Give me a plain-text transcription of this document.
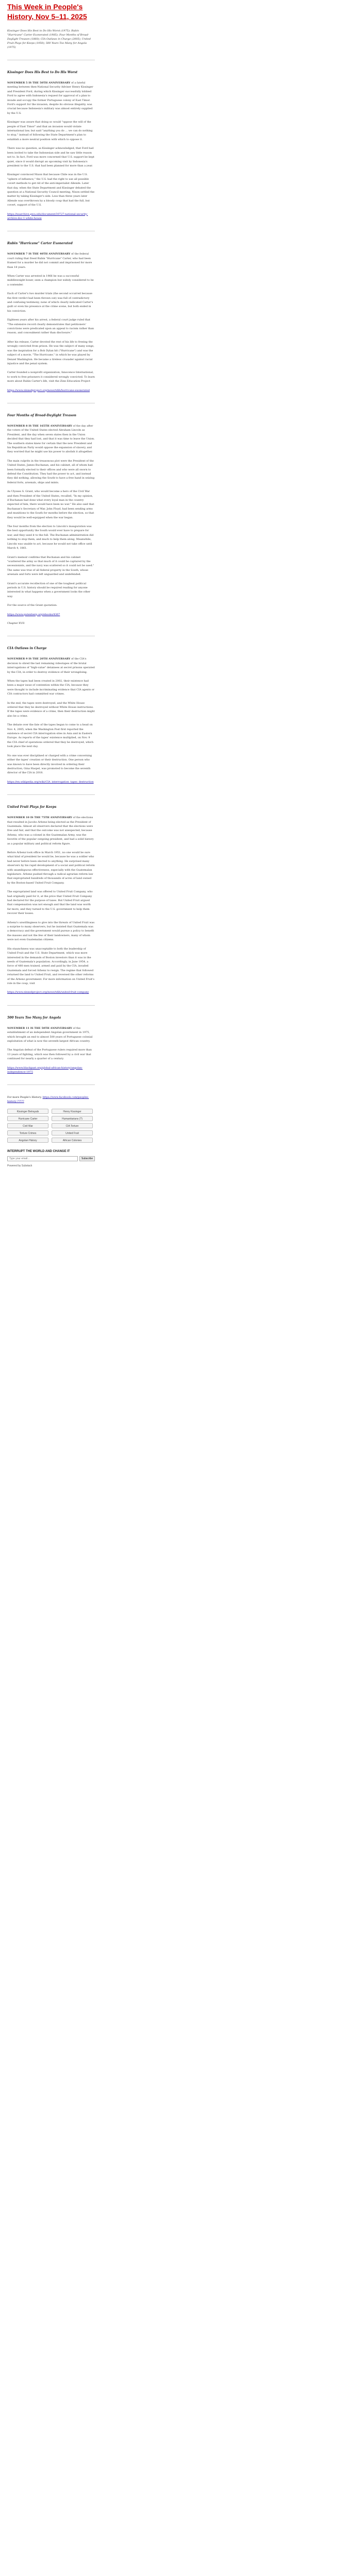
This Week in People's History, Nov 5–11, 2025

Kissinger Does His Best to Do His Worst (1975); Rubin "Hurricane" Carter Exonerated (1985); Four Months of Broad-Daylight Treason (1860); CIA Outlaws in Charge (2005); United Fruit Plays for Keeps (1950); 500 Years Too Many for Angola (1975)

Kissinger Does His Best to Do His Worst

NOVEMBER 5 IS THE 50TH ANNIVERSARY of a fateful meeting between then-National Security Adviser Henry Kissinger and President Ford, during which Kissinger successfully lobbied Ford to agree with Indonesia's request for approval of a plan to invade and occupy the former Portuguese colony of East Timor. Ford's support for the invasion, despite its obvious illegality, was crucial because Indonesia's military was almost entirely supplied by the U.S.

Kissinger was aware that doing so would "oppose the will of the people of East Timor" and that an invasion would violate international law, but said "anything you do ... we can do nothing to stop," instead of following the State Department's plan to establish a more neutral position with which to oppose it.

There was no question, as Kissinger acknowledged, that Ford had been invited to take the Indonesian side and he saw little reason not to. In fact, Ford was more concerned that U.S. support be kept quiet, since it would disrupt an upcoming visit by Indonesia's president to the U.S. that had been planned for more than a year.

Kissinger convinced Nixon that because Chile was in the U.S. "sphere of influence," the U.S. had the right to use all possible covert methods to get rid of the anti-imperialist Allende. Later that day, when the State Department and Kissinger debated the question at a National Security Council meeting, Nixon settled the matter by taking Kissinger's side. Less than three years later Allende was overthrown by a bloody coup that had the full, but covert, support of the U.S.

https://nsarchive.gwu.edu/document/30727-national-security-archive-doc-1-white-house

Rubin "Hurricane" Carter Exonerated

NOVEMBER 7 IS THE 40TH ANNIVERSARY of the federal court ruling that freed Rubin "Hurricane" Carter, who had been framed for a murder he did not commit and imprisoned for more than 18 years.

When Carter was arrested in 1966 he was a successful middleweight boxer, seen a champion but widely considered to be a contender.

Each of Carter's two murder trials (the second occurred because the first verdict had been thrown out) was full of contradictory and confusing testimony, none of which clearly indicated Carter's guilt or even his presence at the crime scene, but both ended in his conviction.

Eighteen years after his arrest, a federal court judge ruled that "The extensive record clearly demonstrates that petitioners' convictions were predicated upon an appeal to racism rather than reason, and concealment rather than disclosure."

After his release, Carter devoted the rest of his life to freeing the wrongly convicted from prison. He was the subject of many songs, was the inspiration for a Bob Dylan hit ("Hurricane") and was the subject of a movie, "The Hurricane," in which he was played by Denzel Washington. He became a tireless crusader against racial injustice and the penal system.

Carter founded a nonprofit organization, Innocence International, to work to free prisoners it considered wrongly convicted. To learn more about Rubin Carter's life, visit the Zinn Education Project

https://www.zinnedproject.org/news/tdih/hurricane-exonerated

Four Months of Broad-Daylight Treason

NOVEMBER 8 IS THE 165TH ANNIVERSARY of the day after the voters of the United States elected Abraham Lincoln as President, and the day when seven states then in the Union decided that they had lost, and that it was time to leave the Union. The southern states knew for certain that the new President and his Republican Party would oppose the expansion of slavery, and they worried that he might use his power to abolish it altogether.

The main culprits in the treasonous plot were the President of the United States, James Buchanan, and his cabinet, all of whom had been formally elected to their offices and who were all sworn to defend the Constitution. They had the power to act, and instead they did nothing, allowing the South to have a free hand in seizing federal forts, arsenals, ships and mints.

As Ulysses S. Grant, who would become a hero of the Civil War and then President of the United States, recalled, "In my opinion, if Buchanan had done what every loyal man in the country expected of him, there would have been no war." He also said that Buchanan's Secretary of War, John Floyd, had been sending arms and munitions to the South for months before the election, so that they would be well-equipped when the war began.

The four months from the election to Lincoln's inauguration was the best opportunity the South would ever have to prepare for war, and they used it to the full. The Buchanan administration did nothing to stop them, and much to help them along. Meanwhile, Lincoln was unable to act, because he would not take office until March 4, 1861.

Grant's memoir confirms that Buchanan and his cabinet "scattered the army so that much of it could be captured by the secessionists, and the navy was scattered so it could not be used." The same was true of all federal property in the South, whose arsenals and forts were left unguarded and undefended.

Grant's accurate recollection of one of the toughest political periods in U.S. history should be required reading for anyone interested in what happens when a government looks the other way.

For the source of the Grant quotation:

https://www.gutenberg.org/ebooks/4367

Chapter XVII

CIA Outlaws in Charge

NOVEMBER 9 IS THE 20TH ANNIVERSARY of the CIA's decision to shred the last remaining videotapes of the brutal interrogations of "high-value" detainees at secret prisons operated by the CIA, in order to destroy evidence of their wrongdoing.

When the tapes had been created in 2002, their existence had been a major issue of contention within the CIA, because they were thought to include incriminating evidence that CIA agents or CIA contractors had committed war crimes.

In the end, the tapes were destroyed, and the White House ordered that they be destroyed without White House instructions. If the tapes were evidence of a crime, then their destruction might also be a crime.

The debate over the fate of the tapes began to come to a head on Nov. 4, 2005, when the Washington Post first reported the existence of secret CIA interrogation sites in Asia and in Eastern Europe. As reports of the tapes' existence multiplied, on Nov. 9 the CIA chief of operations ordered that they be destroyed, which took place the next day.

No one was ever disciplined or charged with a crime concerning either the tapes' creation or their destruction. One person who was known to have been directly involved in ordering their destruction, Gina Haspel, was promoted to become the seventh director of the CIA in 2018.

https://en.wikipedia.org/wiki/CIA_interrogation_tapes_destruction

United Fruit Plays for Keeps

NOVEMBER 10 IS THE 75TH ANNIVERSARY of the elections that resulted in Jacobo Árbenz being elected as the President of Guatemala. Almost all observers declared that the elections were free and fair, and that the outcome was not unexpected, because Árbenz, who was a colonel in the Guatemalan Army, was the favorite of the popular outgoing president, and had a solid history as a popular military and political reform figure.

Before Árbenz took office in March 1951, no one would be sure what kind of president he would be, because he was a soldier who had never before been elected to anything. He surprised many observers by his rapid development of a social and political reform with unambiguous effectiveness, especially with the Guatemalan legislature. Árbenz pushed through a radical agrarian reform law that expropriated hundreds of thousands of acres of land owned by the Boston-based United Fruit Company.

The expropriated land was offered to United Fruit Company, who had originally paid for it, at the price that United Fruit Company had declared for the purpose of taxes. But United Fruit argued that compensation was not enough and that the land was worth far more, and they turned to the U.S. government to help them recover their losses.

Árbenz's unwillingness to give into the threats of United Fruit was a surprise to many observers, but he insisted that Guatemala was a democracy and the government would pursue a policy to benefit the masses and not the few of their landowners, many of whom were not even Guatemalan citizens.

His staunchness was unacceptable to both the leadership of United Fruit and the U.S. State Department, which was more interested in the demands of Boston investors than it was in the needs of Guatemala's population. Accordingly, in June 1954, a force of 480 men trained, armed and paid by the CIA, invaded Guatemala and forced Árbenz to resign. The regime that followed returned the land to United Fruit, and reversed the other reforms of the Árbenz government. For more information on United Fruit's role in the coup, visit

https://www.zinnedproject.org/news/tdih/united-fruit-company

500 Years Too Many for Angola

NOVEMBER 11 IS THE 50TH ANNIVERSARY of the establishment of an independent Angolan government in 1975, which brought an end to almost 500 years of Portuguese colonial exploitation of what is now the seventh-largest African country.

The Angolan defeat of the Portuguese rulers required more than 13 years of fighting, which was then followed by a civil war that continued for nearly a quarter of a century.

https://www.blackpast.org/global-african-history/angolan-independence-1975

For more People's History, https://www.facebook.com/peoples-history-?????

Kissinger Betrayals	Henry Kissinger
Hurricane Carter	Humanitarians (?)
Civil War	CIA Torture
Torture Crimes	United Fruit
Angolan History	African Colonies
INTERRUPT THE WORLD AND CHANGE IT
Type your email...
Subscribe
Powered by Substack
